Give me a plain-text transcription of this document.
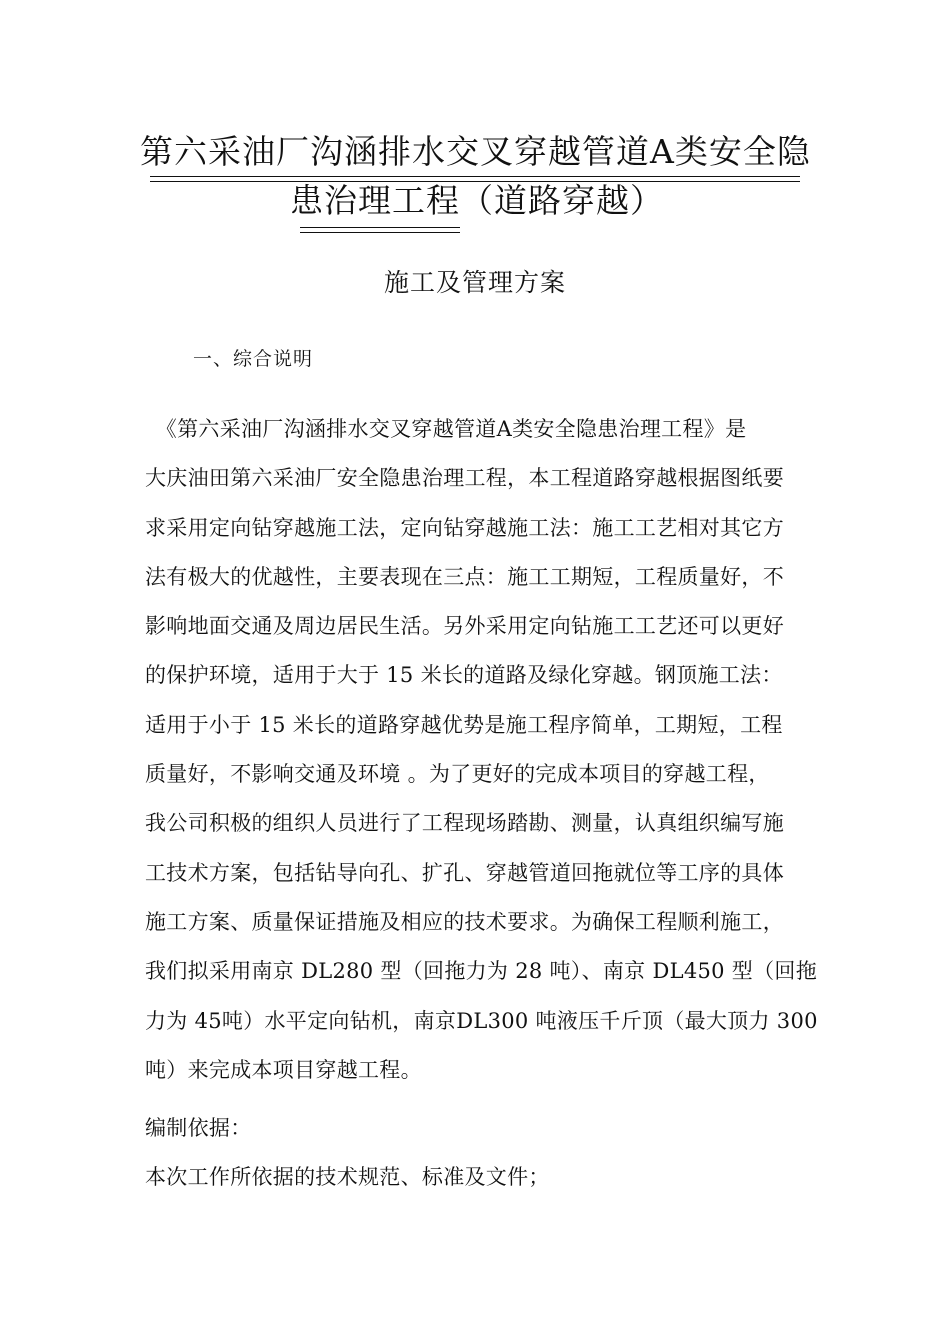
第六采油厂沟涵排水交叉穿越管道A类安全隐
患治理工程（道路穿越）
施工及管理方案
一、综合说明
　《第六采油厂沟涵排水交叉穿越管道A类安全隐患治理工程》是
大庆油田第六采油厂安全隐患治理工程，本工程道路穿越根据图纸要
求采用定向钻穿越施工法，定向钻穿越施工法：施工工艺相对其它方
法有极大的优越性，主要表现在三点：施工工期短，工程质量好，不
影响地面交通及周边居民生活。另外采用定向钻施工工艺还可以更好
的保护环境，适用于大于 15 米长的道路及绿化穿越。钢顶施工法：
适用于小于 15 米长的道路穿越优势是施工程序简单，工期短，工程
质量好，不影响交通及环境 。为了更好的完成本项目的穿越工程，
我公司积极的组织人员进行了工程现场踏勘、测量，认真组织编写施
工技术方案，包括钻导向孔、扩孔、穿越管道回拖就位等工序的具体
施工方案、质量保证措施及相应的技术要求。为确保工程顺利施工，
我们拟采用南京 DL280 型（回拖力为 28 吨）、南京 DL450 型（回拖
力为 45吨）水平定向钻机，南京DL300 吨液压千斤顶（最大顶力 300
吨）来完成本项目穿越工程。
编制依据：
本次工作所依据的技术规范、标准及文件；
